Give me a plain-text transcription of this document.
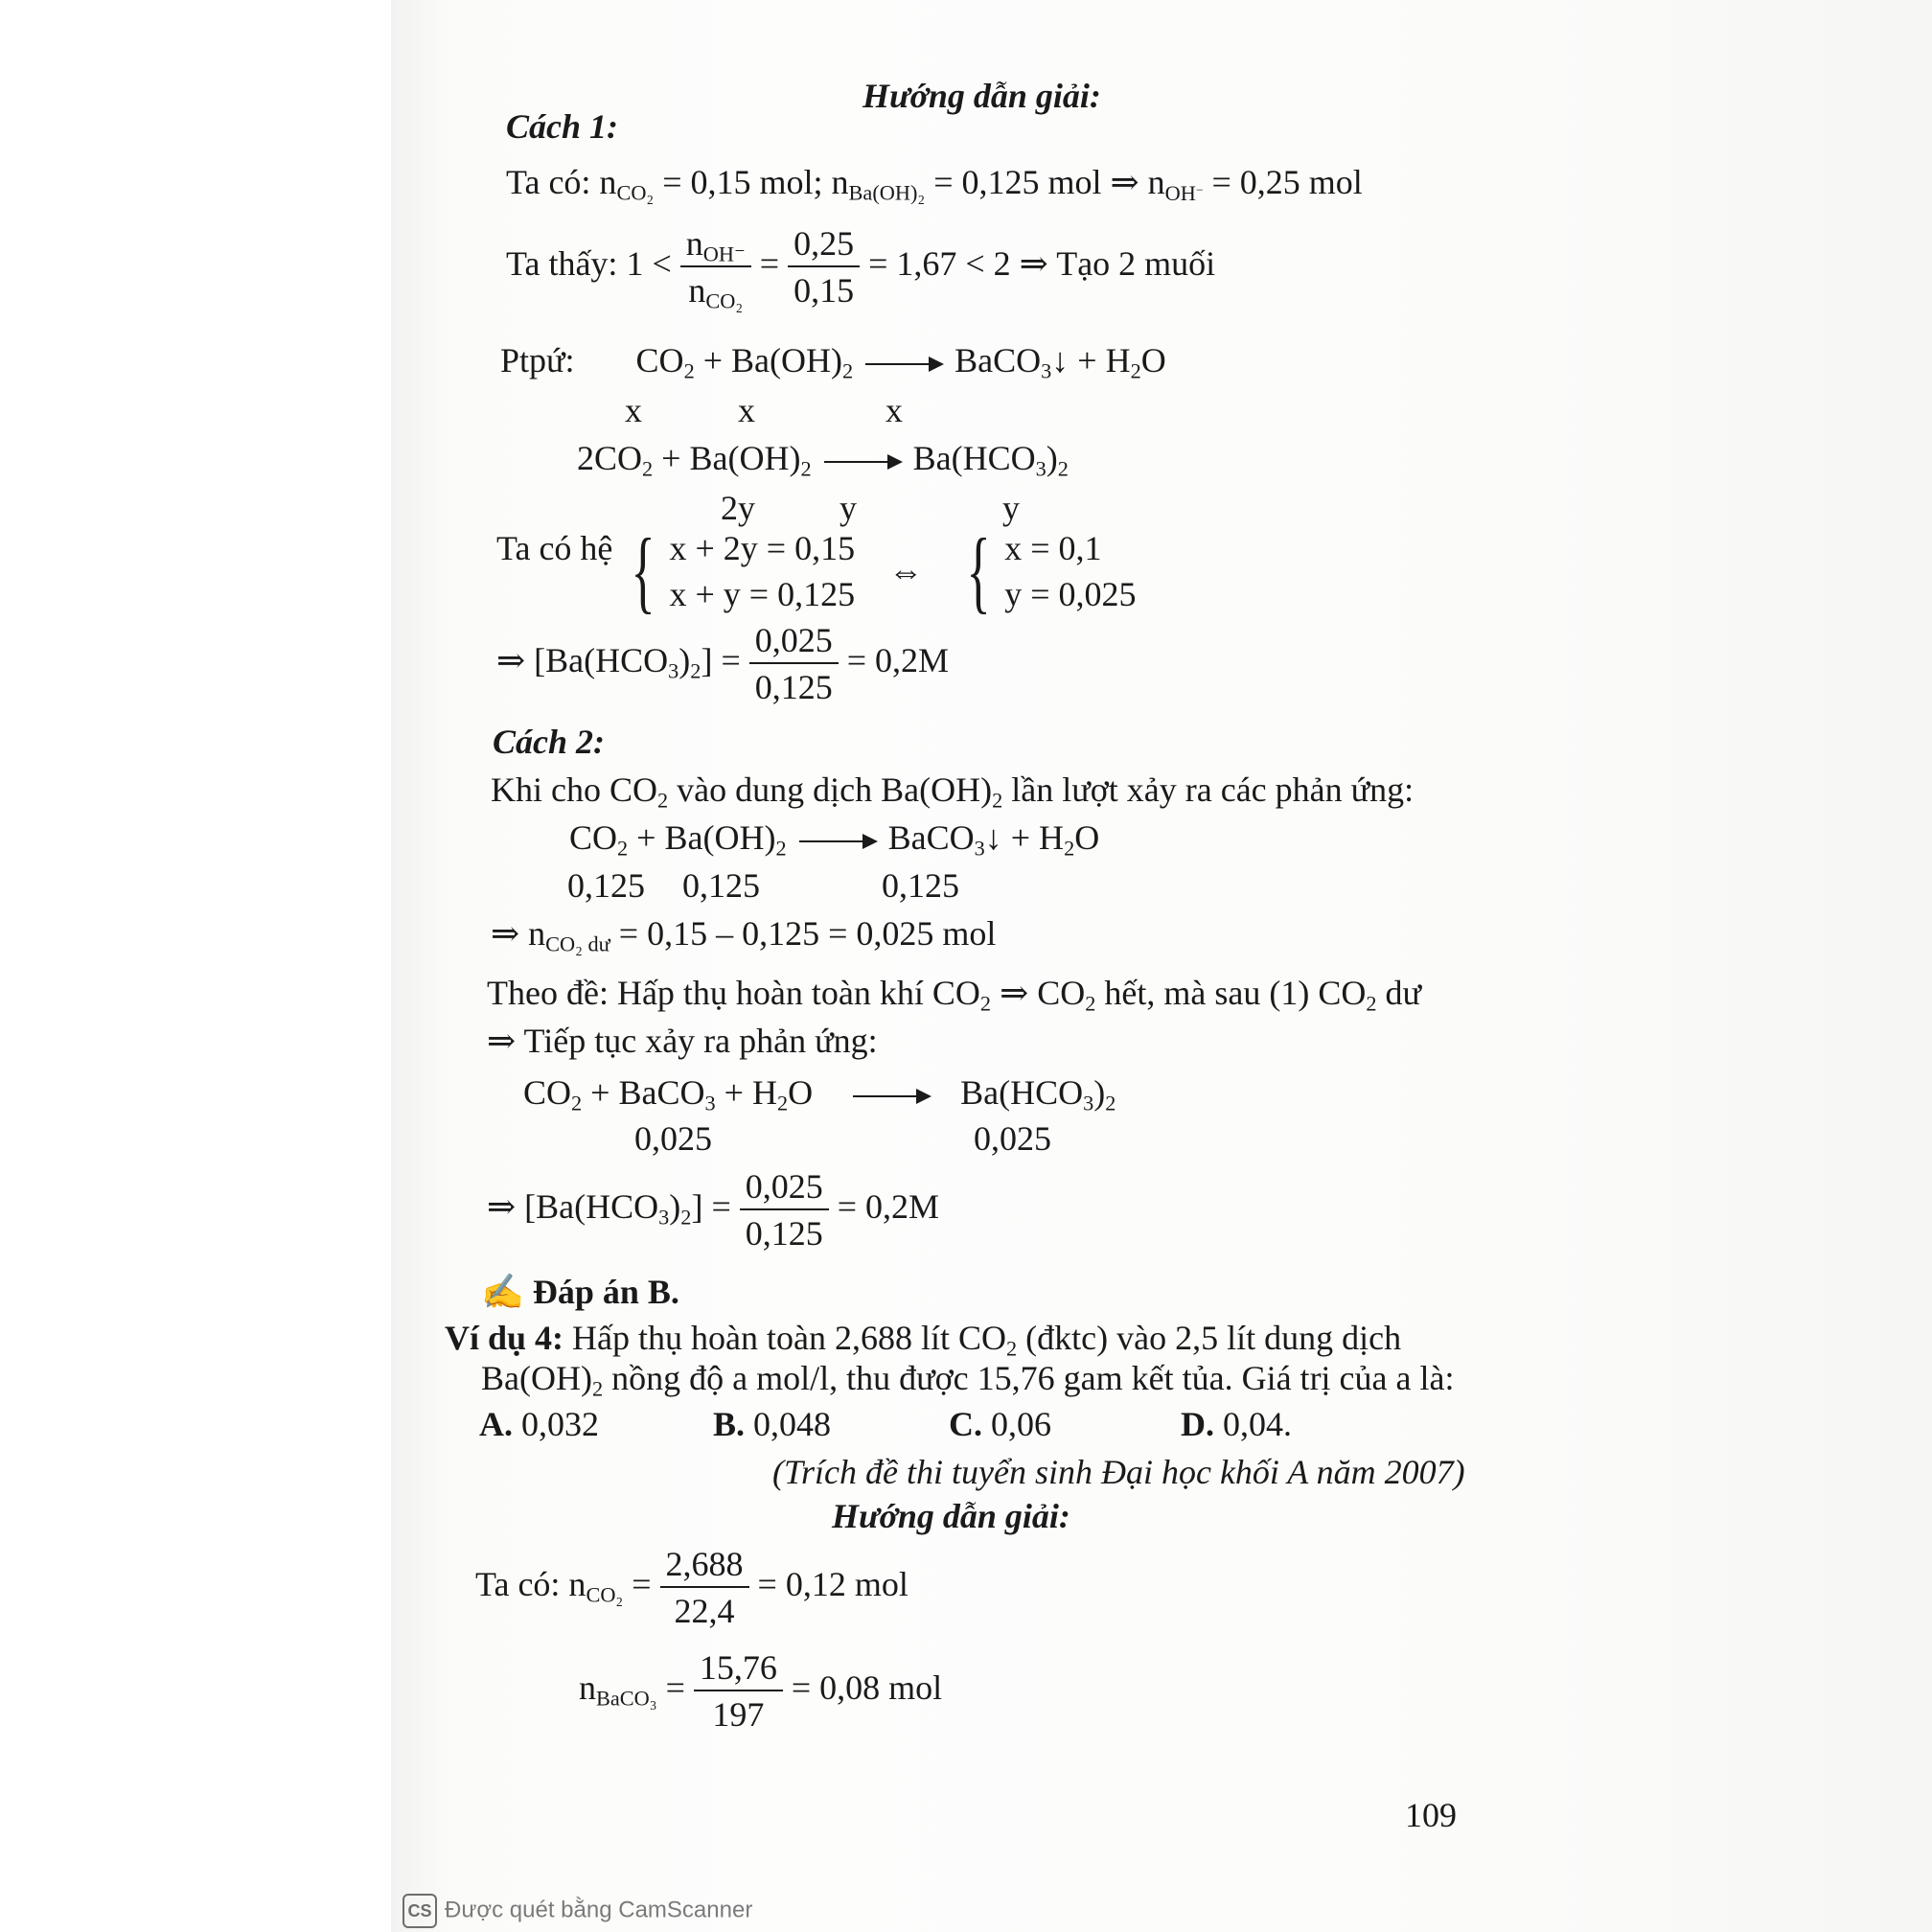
Hướng dẫn giải:
Cách 1:
Ta có: $n_{CO_2} = 0,15$ mol; $n_{Ba(OH)_2} = 0,125$ mol ⇒ $n_{OH^-} = 0,25$ mol
Ta thấy: $1 < \frac{n_{OH^-}}{n_{CO_2}} = \frac{0,25}{0,15} = 1,67 < 2$ ⇒ Tạo 2 muối
Ptpứ: $CO_2 + Ba(OH)_2$ → BaCO$_3$↓ + $H_2O$
x	x	x
$2CO_2 + Ba(OH)_2 \to Ba(HCO_3)_2$
2y y	y
Ta có hệ { x + 2y = 0,15
x + y = 0,125
⇔ { x = 0,1
y = 0,025
⇒ $[Ba(HCO_3)_2] = \frac{0,025}{0,125} = 0,2M$
Cách 2:
Khi cho $CO_2$ vào dung dịch $Ba(OH)_2$ lần lượt xảy ra các phản ứng:
$CO_2 + Ba(OH)_2$ → BaCO$_3$↓ + $H_2O$
0,125 0,125	0,125
⇒ $n_{CO_2 dư} = 0,15 - 0,125 = 0,025$ mol
Theo đề: Hấp thụ hoàn toàn khí $CO_2$ ⇒ $CO_2$ hết, mà sau (1) $CO_2$ dư
⇒ Tiếp tục xảy ra phản ứng:
$CO_2$ + BaCO$_3$ + $H_2O \to Ba(HCO_3)_2$
0,025	0,025
⇒ $[Ba(HCO_3)_2] = \frac{0,025}{0,125} = 0,2M$
✍ Đáp án B.
Ví dụ 4: Hấp thụ hoàn toàn 2,688 lít $CO_2$ (đktc) vào 2,5 lít dung dịch
$Ba(OH)_2$ nồng độ a mol/l, thu được 15,76 gam kết tủa. Giá trị của a là:
A. 0,032	B. 0,048	C. 0,06	D. 0,04.
(Trích đề thi tuyển sinh Đại học khối A năm 2007)
Hướng dẫn giải:
Ta có: $n_{CO_2} = \frac{2,688}{22,4} = 0,12$ mol
$n_{BaCO_3} = \frac{15,76}{197} = 0,08$ mol
109
CS Được quét bằng CamScanner
